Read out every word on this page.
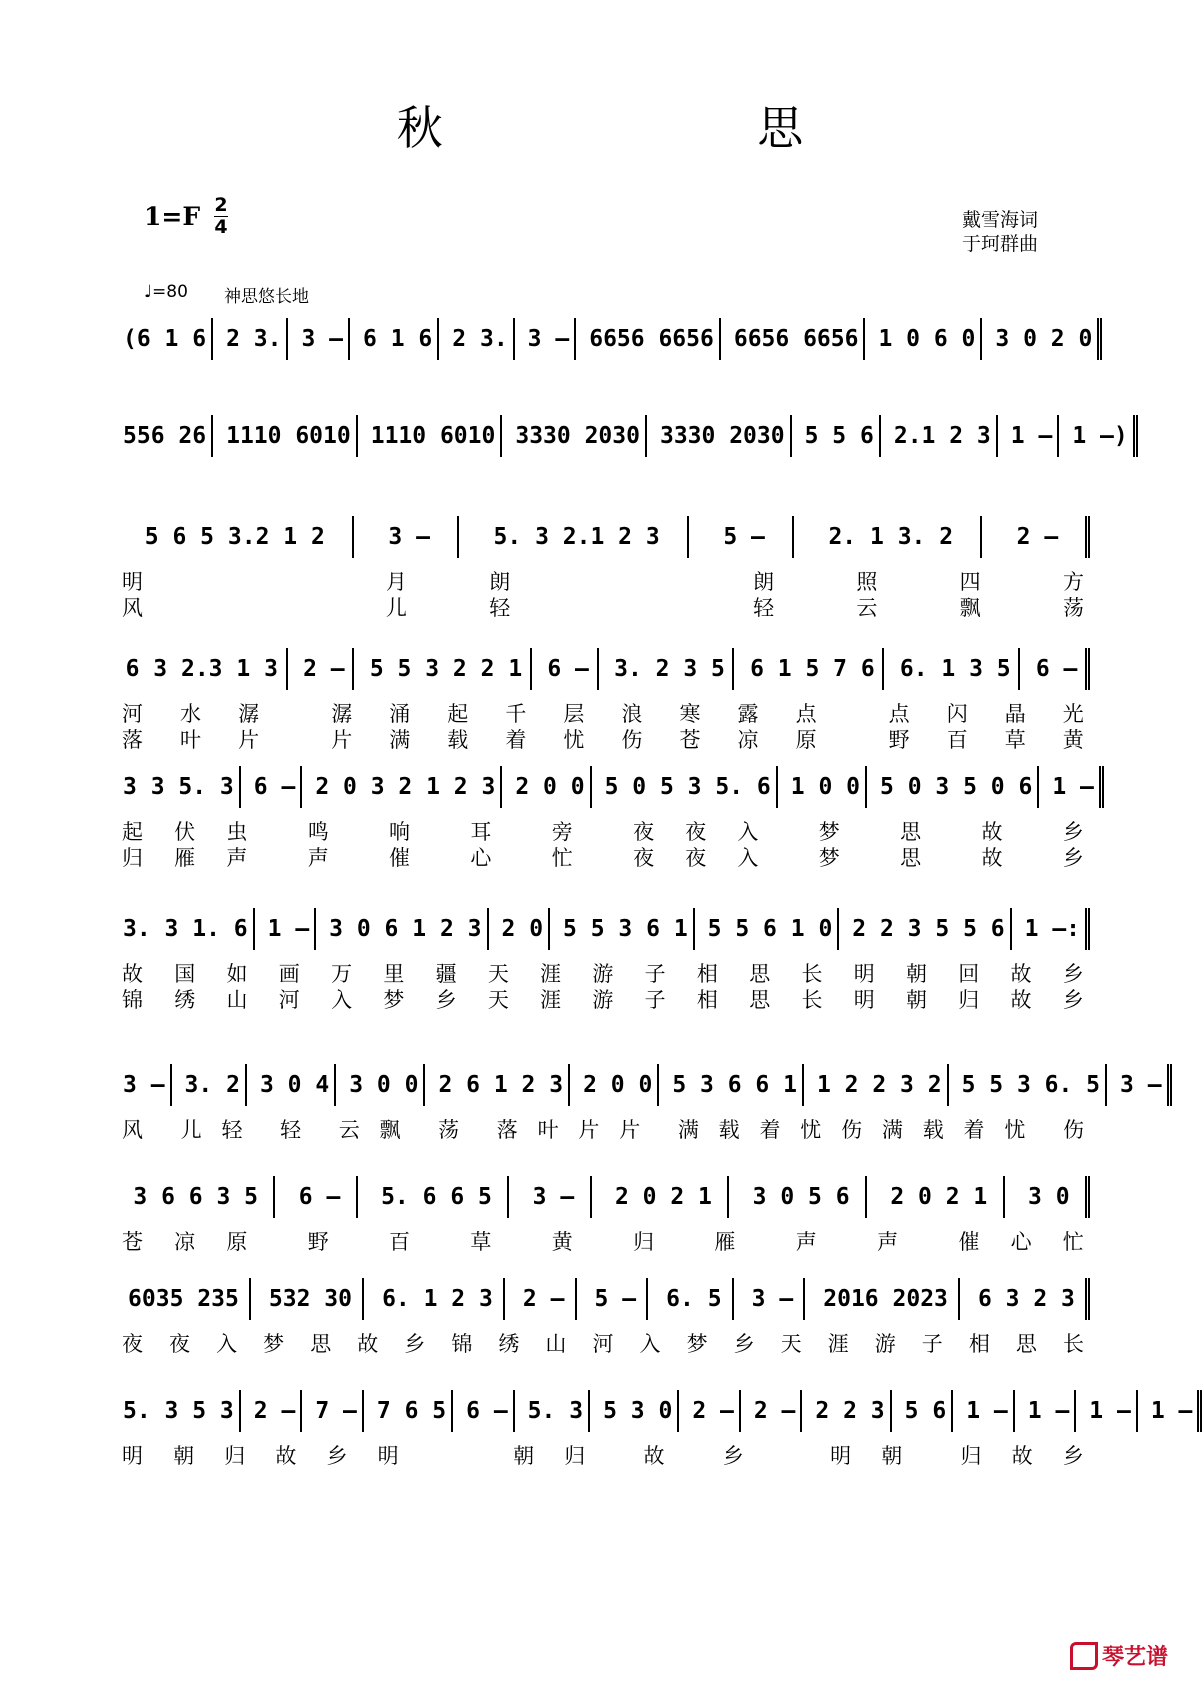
秋 思
1=F 2
4	戴雪海词
于珂群曲
♩=80 神思悠长地
(6 1 6 2 3. 3 – 6 1 6 2 3. 3 – 6656 6656 6656 6656 1 0 6 0 3 0 2 0
556 26 1110 6010 1110 6010 3330 2030 3330 2030 5 5 6 2.1 2 3 1 – 1 –)
5 6 5 3.2 1 2	3 –	5. 3 2.1 2 3	5 –	2. 1 3. 2	2 –
明	月	朗	朗	照	四	方
风	儿	轻	轻	云	飘	荡
6 3 2.3 1 3 2 – 5 5 3 2 2 1 6 – 3. 2 3 5 6 1 5 7 6 6. 1 3 5 6 –
河 水 潺	潺 涌 起 千 层 浪 寒 露 点	点 闪 晶 光
落 叶 片	片 满 载 着 忧 伤 苍 凉 原	野 百 草 黄
3 3 5. 3 6 – 2 0 3 2 1 2 3 2 0 0 5 0 5 3 5. 6 1 0 0 5 0 3 5 0 6 1 –
起 伏 虫	鸣	响	耳	旁	夜 夜 入	梦	思	故	乡
归 雁 声	声	催	心	忙	夜 夜 入	梦	思	故	乡
3. 3 1. 6 1 – 3 0 6 1 2 3 2 0 5 5 3 6 1 5 5 6 1 0 2 2 3 5 5 6 1 –:
故 国 如 画 万 里 疆 天 涯 游 子 相 思 长 明 朝 回 故 乡
锦 绣 山 河 入 梦 乡 天 涯 游 子 相 思 长 明 朝 归 故 乡
3 – 3. 2 3 0 4 3 0 0 2 6 1 2 3 2 0 0 5 3 6 6 1 1 2 2 3 2 5 5 3 6. 5 3 –
风 儿 轻 轻 云 飘 荡 落 叶 片 片 满 载 着 忧 伤 满 载 着 忧 伤
3 6 6 3 5 6 – 5. 6 6 5 3 – 2 0 2 1 3 0 5 6 2 0 2 1 3 0
苍 凉 原	野	百	草	黄	归	雁	声	声	催 心 忙
6035 235 532 30 6. 1 2 3 2 – 5 – 6. 5 3 – 2016 2023 6 3 2 3
夜 夜 入 梦 思 故 乡 锦 绣 山 河 入 梦 乡 天 涯 游 子 相 思 长
5. 3 5 3 2 – 7 – 7 6 5 6 – 5. 3 5 3 0 2 – 2 – 2 2 3 5 6 1 – 1 – 1 – 1 –
明 朝 归 故 乡 明	朝 归	故	乡	明 朝	归 故 乡
琴艺谱
